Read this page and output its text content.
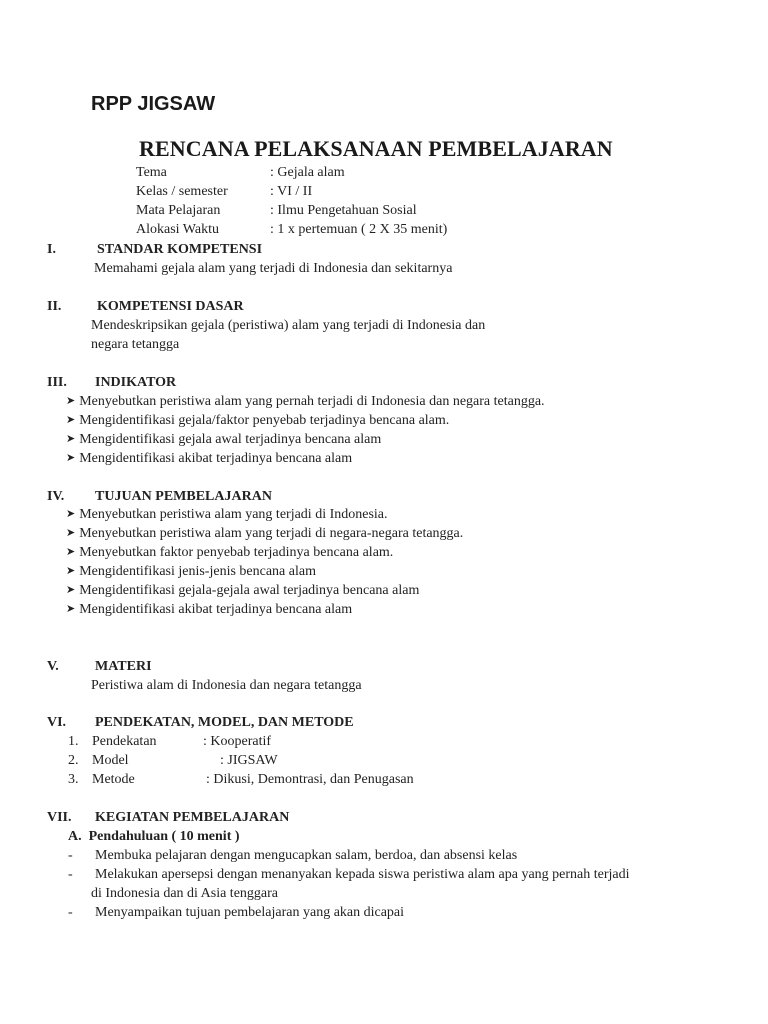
RPP JIGSAW
RENCANA PELAKSANAAN PEMBELAJARAN
Tema	: Gejala alam
Kelas / semester	: VI / II
Mata Pelajaran	: Ilmu Pengetahuan Sosial
Alokasi Waktu	: 1 x pertemuan ( 2 X 35 menit)
I.	STANDAR KOMPETENSI
Memahami gejala alam yang terjadi di Indonesia dan sekitarnya
II.	KOMPETENSI DASAR
Mendeskripsikan gejala (peristiwa) alam yang terjadi di Indonesia dan
negara tetangga
III. INDIKATOR
➤ Menyebutkan peristiwa alam yang pernah terjadi di Indonesia dan negara tetangga.
➤ Mengidentifikasi gejala/faktor penyebab terjadinya bencana alam.
➤ Mengidentifikasi gejala awal terjadinya bencana alam
➤ Mengidentifikasi akibat terjadinya bencana alam
IV. TUJUAN PEMBELAJARAN
➤ Menyebutkan peristiwa alam yang terjadi di Indonesia.
➤ Menyebutkan peristiwa alam yang terjadi di negara-negara tetangga.
➤ Menyebutkan faktor penyebab terjadinya bencana alam.
➤ Mengidentifikasi jenis-jenis bencana alam
➤ Mengidentifikasi gejala-gejala awal terjadinya bencana alam
➤ Mengidentifikasi akibat terjadinya bencana alam
V.	MATERI
Peristiwa alam di Indonesia dan negara tetangga
VI. PENDEKATAN, MODEL, DAN METODE
1. Pendekatan	: Kooperatif
2. Model	: JIGSAW
3. Metode	: Dikusi, Demontrasi, dan Penugasan
VII. KEGIATAN PEMBELAJARAN
A.  Pendahuluan ( 10 menit )
- Membuka pelajaran dengan mengucapkan salam, berdoa, dan absensi kelas
- Melakukan apersepsi dengan menanyakan kepada siswa peristiwa alam apa yang pernah terjadi
di Indonesia dan di Asia tenggara
- Menyampaikan tujuan pembelajaran yang akan dicapai
